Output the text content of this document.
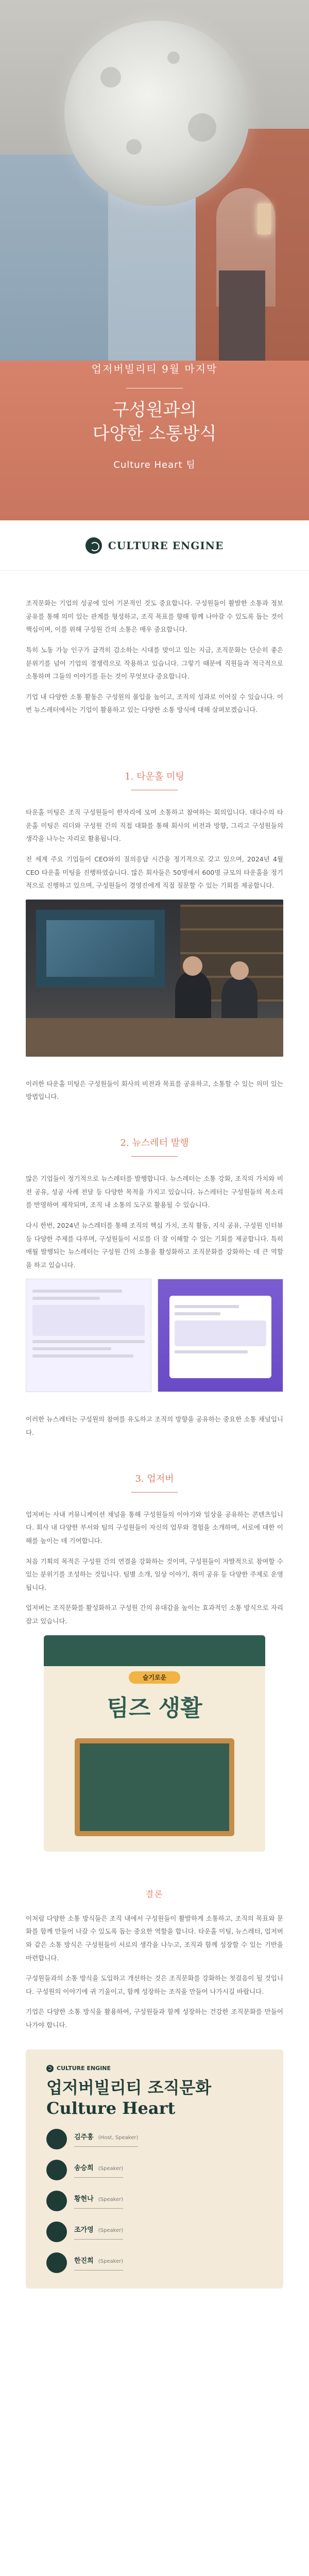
업저버빌리티 9월 마지막
구성원과의
다양한 소통방식
Culture Heart 팀
CULTURE ENGINE

조직문화는 기업의 성공에 있어 기본적인 것도 중요합니다. 구성원들이 활발한 소통과 정보 공유를 통해 의미 있는 관계를 형성하고, 조직 목표를 향해 함께 나아갈 수 있도록 돕는 것이 핵심이며, 이를 위해 구성원 간의 소통은 매우 중요합니다.

특히 노동 가능 인구가 급격히 감소하는 시대를 맞이고 있는 지금, 조직문화는 단순히 좋은 분위기를 넘어 기업의 경쟁력으로 작용하고 있습니다. 그렇기 때문에 직원들과 적극적으로 소통하며 그들의 이야기를 듣는 것이 무엇보다 중요합니다.

기업 내 다양한 소통 활동은 구성원의 몰입을 높이고, 조직의 성과로 이어질 수 있습니다. 이번 뉴스레터에서는 기업이 활용하고 있는 다양한 소통 방식에 대해 살펴보겠습니다.

1. 타운홀 미팅

타운홀 미팅은 조직 구성원들이 한자리에 모여 소통하고 참여하는 회의입니다. 대다수의 타운홀 미팅은 리더와 구성원 간의 직접 대화를 통해 회사의 비전과 방향, 그리고 구성원들의 생각을 나누는 자리로 활용됩니다.

전 세계 주요 기업들이 CEO와의 질의응답 시간을 정기적으로 갖고 있으며, 2024년 4월 CEO 타운홀 미팅을 진행하였습니다. 많은 회사들은 50명에서 600명 규모의 타운홀을 정기적으로 진행하고 있으며, 구성원들이 경영진에게 직접 질문할 수 있는 기회를 제공합니다.

이러한 타운홀 미팅은 구성원들이 회사의 비전과 목표를 공유하고, 소통할 수 있는 의미 있는 방법입니다.

2. 뉴스레터 발행

많은 기업들이 정기적으로 뉴스레터를 발행합니다. 뉴스레터는 소통 강화, 조직의 가치와 비전 공유, 성공 사례 전달 등 다양한 목적을 가지고 있습니다. 뉴스레터는 구성원들의 목소리를 반영하여 제작되며, 조직 내 소통의 도구로 활용될 수 있습니다.

다시 한번, 2024년 뉴스레터를 통해 조직의 핵심 가치, 조직 활동, 지식 공유, 구성원 인터뷰 등 다양한 주제를 다루며, 구성원들이 서로를 더 잘 이해할 수 있는 기회를 제공합니다. 특히 매월 발행되는 뉴스레터는 구성원 간의 소통을 활성화하고 조직문화를 강화하는 데 큰 역할을 하고 있습니다.

이러한 뉴스레터는 구성원의 참여를 유도하고 조직의 방향을 공유하는 중요한 소통 채널입니다.

3. 업저버

업저버는 사내 커뮤니케이션 채널을 통해 구성원들의 이야기와 일상을 공유하는 콘텐츠입니다. 회사 내 다양한 부서와 팀의 구성원들이 자신의 업무와 경험을 소개하며, 서로에 대한 이해를 높이는 데 기여합니다.

처음 기획의 목적은 구성원 간의 연결을 강화하는 것이며, 구성원들이 자발적으로 참여할 수 있는 분위기를 조성하는 것입니다. 팀별 소개, 일상 이야기, 취미 공유 등 다양한 주제로 운영됩니다.

업저버는 조직문화를 활성화하고 구성원 간의 유대감을 높이는 효과적인 소통 방식으로 자리잡고 있습니다.

슬기로운
팀즈 생활
결론

이처럼 다양한 소통 방식들은 조직 내에서 구성원들이 활발하게 소통하고, 조직의 목표와 문화를 함께 만들어 나갈 수 있도록 돕는 중요한 역할을 합니다. 타운홀 미팅, 뉴스레터, 업저버와 같은 소통 방식은 구성원들이 서로의 생각을 나누고, 조직과 함께 성장할 수 있는 기반을 마련합니다.

구성원들과의 소통 방식을 도입하고 개선하는 것은 조직문화를 강화하는 첫걸음이 될 것입니다. 구성원의 이야기에 귀 기울이고, 함께 성장하는 조직을 만들어 나가시길 바랍니다.

기업은 다양한 소통 방식을 활용하여, 구성원들과 함께 성장하는 건강한 조직문화를 만들어 나가야 합니다.

CULTURE ENGINE
업저버빌리티 조직문화
Culture Heart
김주홍 (Host, Speaker)
송승희 (Speaker)
황현나 (Speaker)
조가영 (Speaker)
한진희 (Speaker)
